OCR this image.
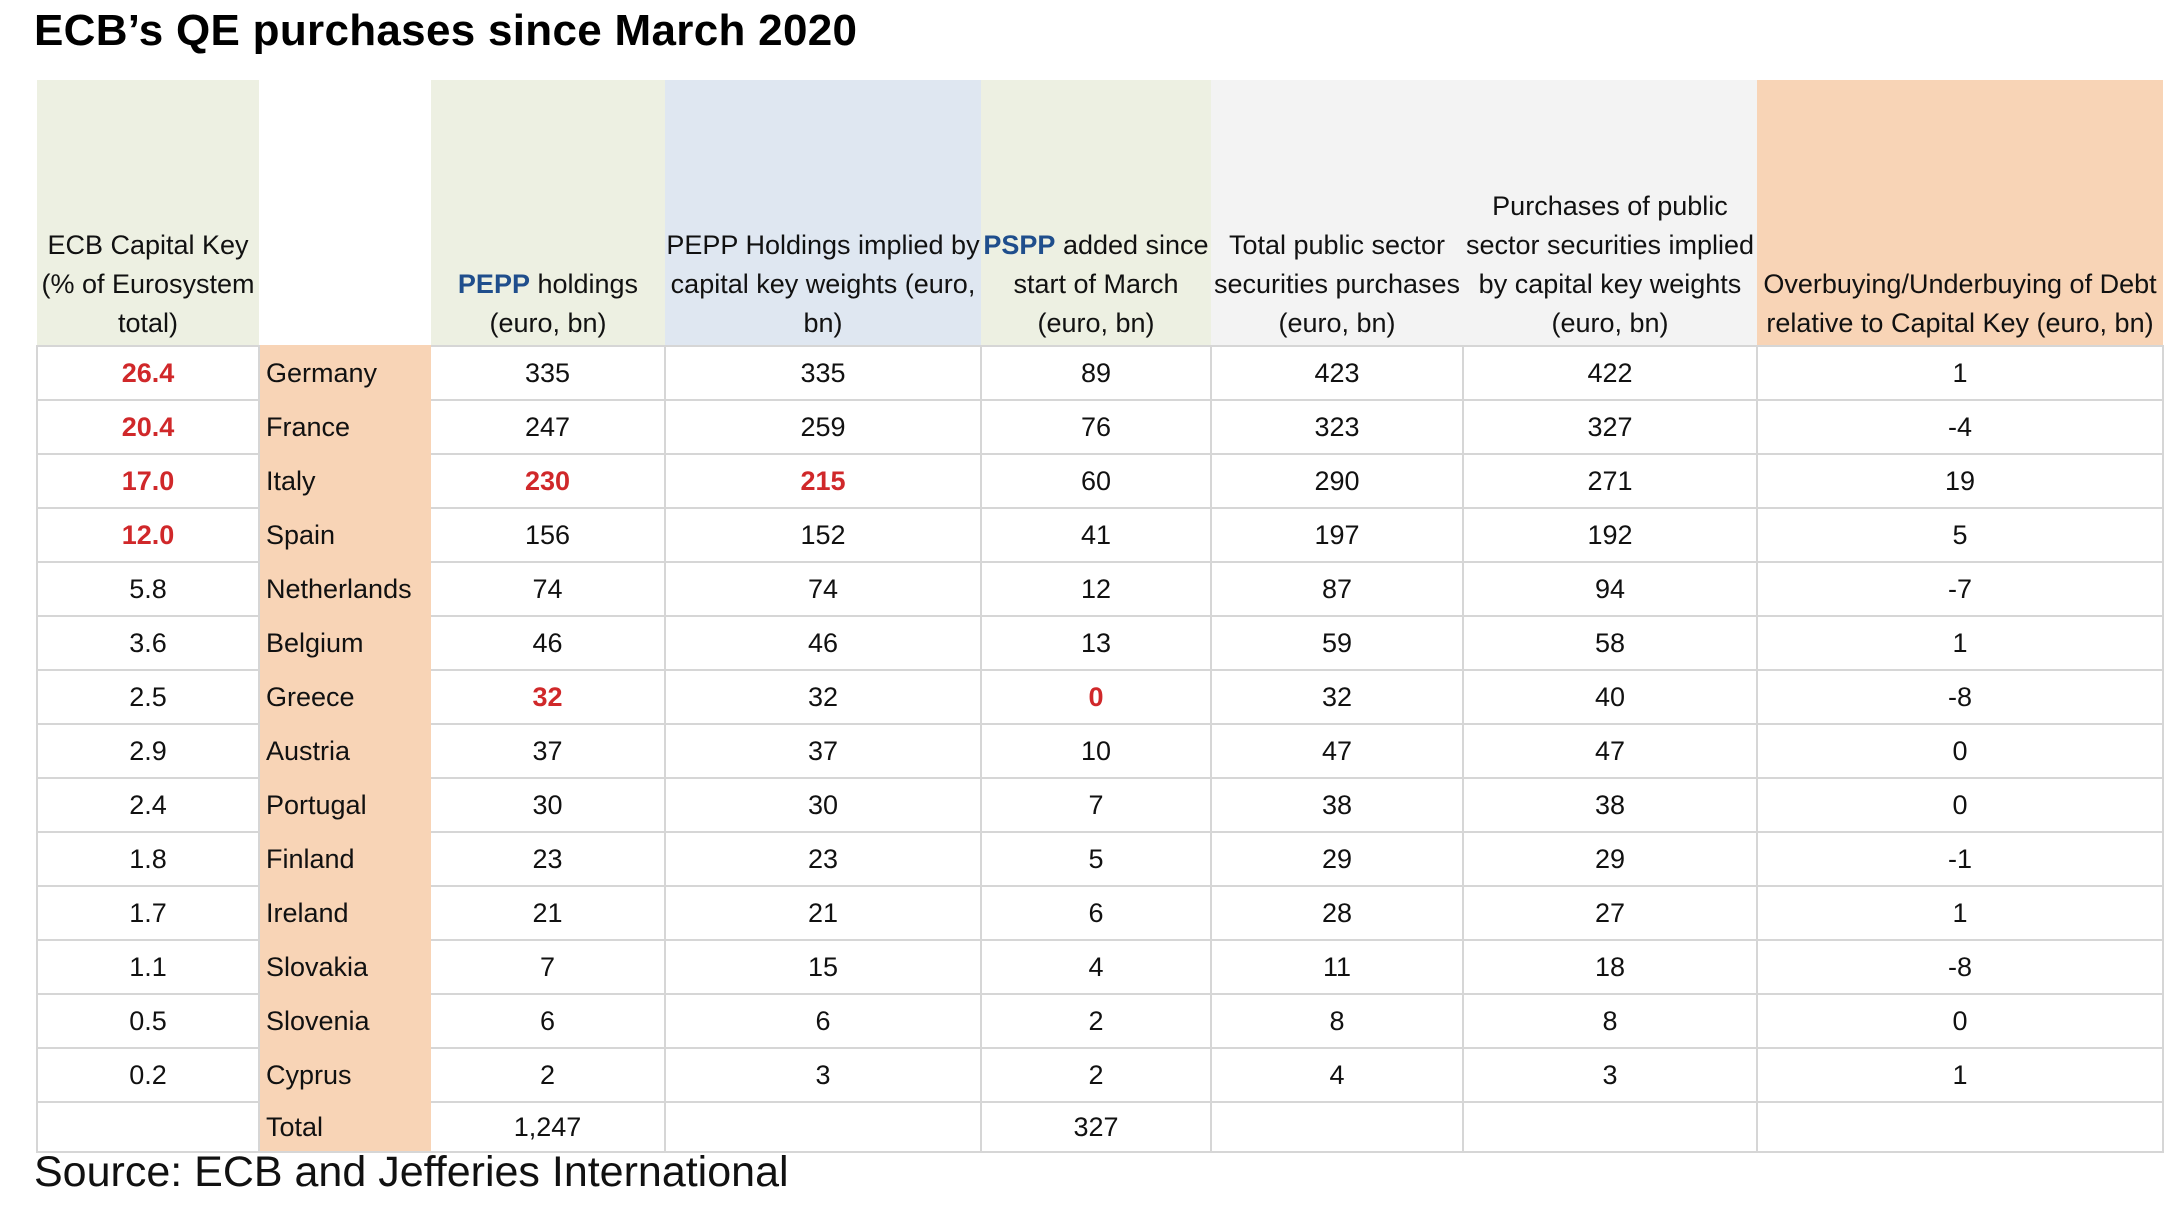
ECB’s QE purchases since March 2020
ECB Capital Key (% of Eurosystem total)		PEPP holdings (euro, bn)	PEPP Holdings implied by capital key weights (euro, bn)	PSPP added since start of March (euro, bn)	Total public sector securities purchases (euro, bn)	Purchases of public sector securities implied by capital key weights (euro, bn)	Overbuying/Underbuying of Debt relative to Capital Key (euro, bn)
26.4	Germany	335	335	89	423	422	1
20.4	France	247	259	76	323	327	-4
17.0	Italy	230	215	60	290	271	19
12.0	Spain	156	152	41	197	192	5
5.8	Netherlands	74	74	12	87	94	-7
3.6	Belgium	46	46	13	59	58	1
2.5	Greece	32	32	0	32	40	-8
2.9	Austria	37	37	10	47	47	0
2.4	Portugal	30	30	7	38	38	0
1.8	Finland	23	23	5	29	29	-1
1.7	Ireland	21	21	6	28	27	1
1.1	Slovakia	7	15	4	11	18	-8
0.5	Slovenia	6	6	2	8	8	0
0.2	Cyprus	2	3	2	4	3	1
	Total	1,247		327			
Source: ECB and Jefferies International
